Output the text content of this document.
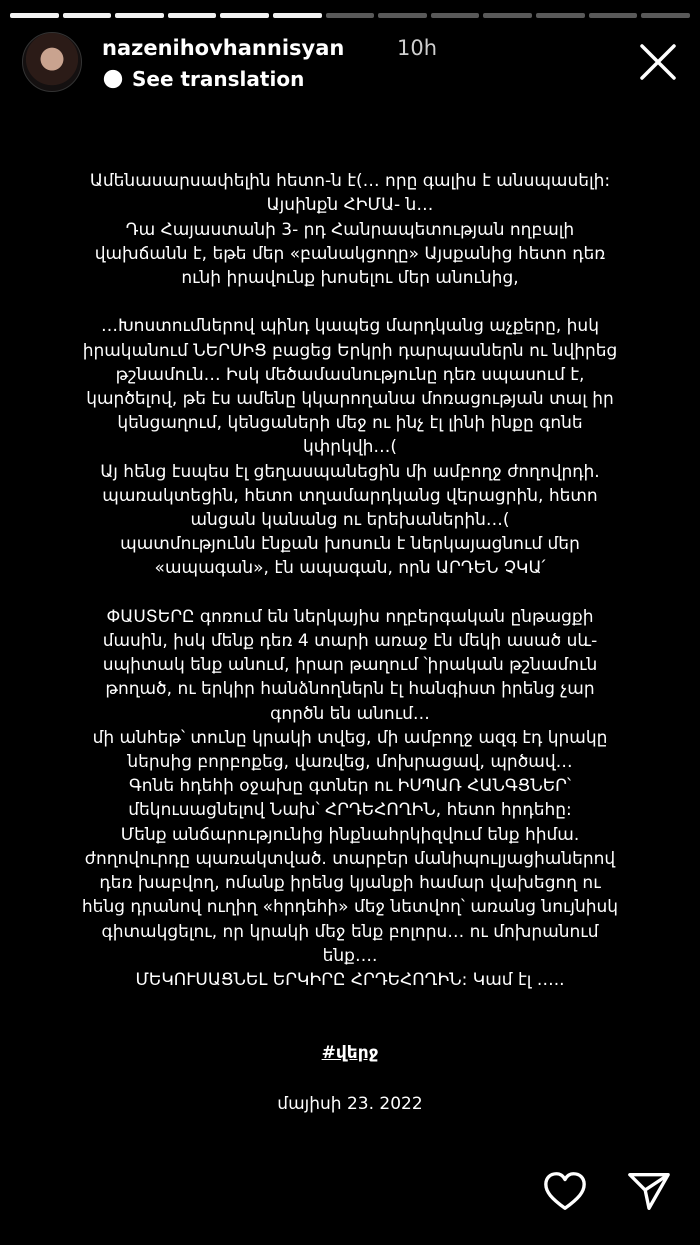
nazenihovhannisyan	10h
See translation

Ամենասարսափելին հետո-ն է(… որը գալիս է անսպասելի:
Այսինքն ՀԻՄԱ- ն…
Դա Հայաստանի 3- րդ Հանրապետության ողբալի
վախճանն է, եթե մեր «բանակցողը» Այսքանից հետո դեռ
ունի իրավունք խոսելու մեր անունից,

…Խոստումներով պինդ կապեց մարդկանց աչքերը, իսկ
իրականում ՆԵՐՍԻՑ բացեց Երկրի դարպասներն ու նվիրեց
թշնամուն… Իսկ մեծամասնությունը դեռ սպասում է,
կարծելով, թե էս ամենը կկարողանա մոռացության տալ իր
կենցաղում, կենցաների մեջ ու ինչ էլ լինի ինքը գոնե
կփրկվի…(
Այ հենց էսպես էլ ցեղասպանեցին մի ամբողջ ժողովրդի.
պառակտեցին, հետո տղամարդկանց վերացրին, հետո
անցան կանանց ու երեխաներին…(
պատմությունն էնքան խոսուն է ներկայացնում մեր
«ապագան», էն ապագան, որն ԱՐԴԵՆ ՉԿԱ՛

ՓԱՍՏԵՐԸ գոռում են ներկայիս ողբերգական ընթացքի
մասին, իսկ մենք դեռ 4 տարի առաջ էն մեկի ասած սև-
սպիտակ ենք անում, իրար թաղում ՝իրական թշնամուն
թողած, ու երկիր հանձնողներն էլ հանգիստ իրենց չար
գործն են անում…
մի անհեթ՝ տունը կրակի տվեց, մի ամբողջ ազգ էդ կրակը
ներսից բորբոքեց, վառվեց, մոխրացավ, պրծավ…
Գոնե հդեհի օջախը գտներ ու ԻՍՊԱՌ ՀԱՆԳՑՆԵՐ՝
մեկուսացնելով Նախ՝ ՀՐԴԵՀՈՂԻՆ, հետո հրդեհը:
Մենք անճարությունից ինքնահրկիզվում ենք հիմա.
ժողովուրդը պառակտված. տարբեր մանիպուլյացիաներով
դեռ խաբվող, ոմանք իրենց կյանքի համար վախեցող ու
հենց դրանով ուղիղ «հրդեհի» մեջ նետվող՝ առանց նույնիսկ
գիտակցելու, որ կրակի մեջ ենք բոլորս… ու մոխրանում
ենք….
ՄԵԿՈՒՍԱՑՆԵԼ ԵՐԿԻՐԸ ՀՐԴԵՀՈՂԻՆ: Կամ էլ …..

#վերջ

մայիսի 23. 2022
